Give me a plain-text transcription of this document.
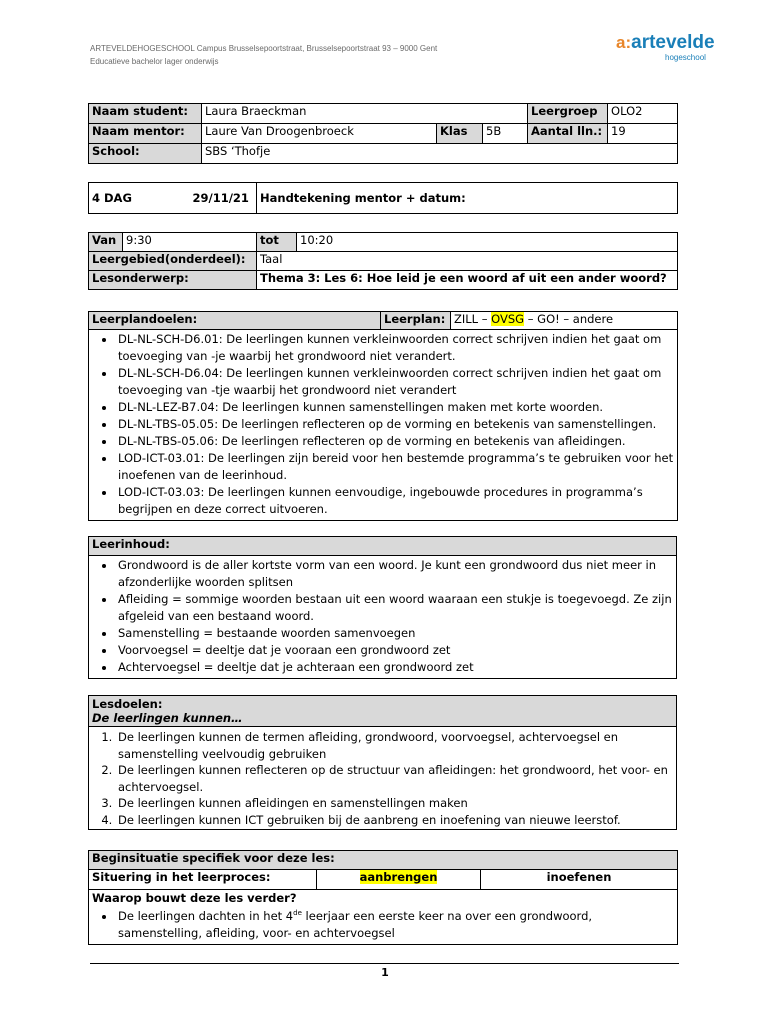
ARTEVELDEHOGESCHOOL Campus Brusselsepoortstraat, Brusselsepoortstraat 93 – 9000 Gent
Educatieve bachelor lager onderwijs
a:artevelde
hogeschool
Naam student:	Laura Braeckman			Leergroep	OLO2
Naam mentor:	Laure Van Droogenbroeck	Klas	5B	Aantal lln.:	19
School:	SBS ‘Thofje				
4 DAG	29/11/21	Handtekening mentor + datum:
Van	9:30	tot	10:20
Leergebied(onderdeel):		Taal	
Lesonderwerp:		Thema 3: Les 6: Hoe leid je een woord af uit een ander woord?	
Leerplandoelen:	Leerplan:	ZILL – OVSG – GO! – andere

• DL-NL-SCH-D6.01: De leerlingen kunnen verkleinwoorden correct schrijven indien het gaat om toevoeging van -je waarbij het grondwoord niet verandert.
• DL-NL-SCH-D6.04: De leerlingen kunnen verkleinwoorden correct schrijven indien het gaat om toevoeging van -tje waarbij het grondwoord niet verandert
• DL-NL-LEZ-B7.04: De leerlingen kunnen samenstellingen maken met korte woorden.
• DL-NL-TBS-05.05: De leerlingen reflecteren op de vorming en betekenis van samenstellingen.
• DL-NL-TBS-05.06: De leerlingen reflecteren op de vorming en betekenis van afleidingen.
• LOD-ICT-03.01: De leerlingen zijn bereid voor hen bestemde programma’s te gebruiken voor het inoefenen van de leerinhoud.
• LOD-ICT-03.03: De leerlingen kunnen eenvoudige, ingebouwde procedures in programma’s begrijpen en deze correct uitvoeren.
Leerinhoud:

• Grondwoord is de aller kortste vorm van een woord. Je kunt een grondwoord dus niet meer in afzonderlijke woorden splitsen
• Afleiding = sommige woorden bestaan uit een woord waaraan een stukje is toegevoegd. Ze zijn afgeleid van een bestaand woord.
• Samenstelling = bestaande woorden samenvoegen
• Voorvoegsel = deeltje dat je vooraan een grondwoord zet
• Achtervoegsel = deeltje dat je achteraan een grondwoord zet
Lesdoelen:
De leerlingen kunnen…

1. De leerlingen kunnen de termen afleiding, grondwoord, voorvoegsel, achtervoegsel en samenstelling veelvoudig gebruiken
2. De leerlingen kunnen reflecteren op de structuur van afleidingen: het grondwoord, het voor- en achtervoegsel.
3. De leerlingen kunnen afleidingen en samenstellingen maken
4. De leerlingen kunnen ICT gebruiken bij de aanbreng en inoefening van nieuwe leerstof.
Beginsituatie specifiek voor deze les:
Situering in het leerproces:	aanbrengen	inoefenen

Waarop bouwt deze les verder?
• De leerlingen dachten in het 4de leerjaar een eerste keer na over een grondwoord, samenstelling, afleiding, voor- en achtervoegsel
1
